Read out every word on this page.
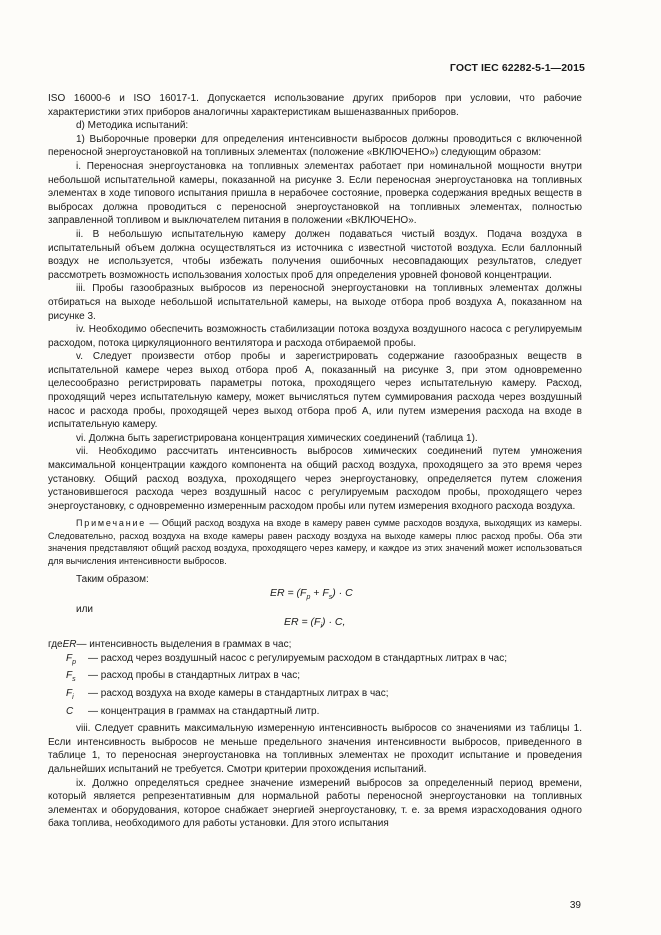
ГОСТ IEC 62282-5-1—2015

ISO 16000-6 и ISO 16017-1. Допускается использование других приборов при условии, что рабочие характеристики этих приборов аналогичны характеристикам вышеназванных приборов.

d) Методика испытаний:

1) Выборочные проверки для определения интенсивности выбросов должны проводиться с включенной переносной энергоустановкой на топливных элементах (положение «ВКЛЮЧЕНО») следующим образом:

i. Переносная энергоустановка на топливных элементах работает при номинальной мощности внутри небольшой испытательной камеры, показанной на рисунке 3. Если переносная энергоустановка на топливных элементах в ходе типового испытания пришла в нерабочее состояние, проверка содержания вредных веществ в выбросах должна проводиться с переносной энергоустановкой на топливных элементах, полностью заправленной топливом и выключателем питания в положении «ВКЛЮЧЕНО».

ii. В небольшую испытательную камеру должен подаваться чистый воздух. Подача воздуха в испытательный объем должна осуществляться из источника с известной чистотой воздуха. Если баллонный воздух не используется, чтобы избежать получения ошибочных несовпадающих результатов, следует рассмотреть возможность использования холостых проб для определения уровней фоновой концентрации.

iii. Пробы газообразных выбросов из переносной энергоустановки на топливных элементах должны отбираться на выходе небольшой испытательной камеры, на выходе отбора проб воздуха А, показанном на рисунке 3.

iv. Необходимо обеспечить возможность стабилизации потока воздуха воздушного насоса с регулируемым расходом, потока циркуляционного вентилятора и расхода отбираемой пробы.

v. Следует произвести отбор пробы и зарегистрировать содержание газообразных веществ в испытательной камере через выход отбора проб А, показанный на рисунке 3, при этом одновременно целесообразно регистрировать параметры потока, проходящего через испытательную камеру. Расход, проходящий через испытательную камеру, может вычисляться путем суммирования расхода через воздушный насос и расхода пробы, проходящей через выход отбора проб А, или путем измерения расхода на входе в испытательную камеру.

vi. Должна быть зарегистрирована концентрация химических соединений (таблица 1).

vii. Необходимо рассчитать интенсивность выбросов химических соединений путем умножения максимальной концентрации каждого компонента на общий расход воздуха, проходящего за это время через установку. Общий расход воздуха, проходящего через энергоустановку, определяется путем сложения установившегося расхода через воздушный насос с регулируемым расходом пробы, проходящего через энергоустановку, с одновременно измеренным расходом пробы или путем измерения входного расхода воздуха.

Примечание — Общий расход воздуха на входе в камеру равен сумме расходов воздуха, выходящих из камеры. Следовательно, расход воздуха на входе камеры равен расходу воздуха на выходе камеры плюс расход пробы. Оба эти значения представляют общий расход воздуха, проходящего через камеру, и каждое из этих значений может использоваться для вычисления интенсивности выбросов.

Таким образом:

ER = $(F_p + F_s) \cdot C$

или

ER = $(F_i) \cdot C$,
где ER — интенсивность выделения в граммах в час;
$F_p$	— расход через воздушный насос с регулируемым расходом в стандартных литрах в час;
$F_s$	— расход пробы в стандартных литрах в час;
$F_i$	— расход воздуха на входе камеры в стандартных литрах в час;
C	— концентрация в граммах на стандартный литр.

viii. Следует сравнить максимальную измеренную интенсивность выбросов со значениями из таблицы 1. Если интенсивность выбросов не меньше предельного значения интенсивности выбросов, приведенного в таблице 1, то переносная энергоустановка на топливных элементах не проходит испытание и проведения дальнейших испытаний не требуется. Смотри критерии прохождения испытаний.

ix. Должно определяться среднее значение измерений выбросов за определенный период времени, который является репрезентативным для нормальной работы переносной энергоустановки на топливных элементах и оборудования, которое снабжает энергией энергоустановку, т. е. за время израсходования одного бака топлива, необходимого для работы установки. Для этого испытания

39
